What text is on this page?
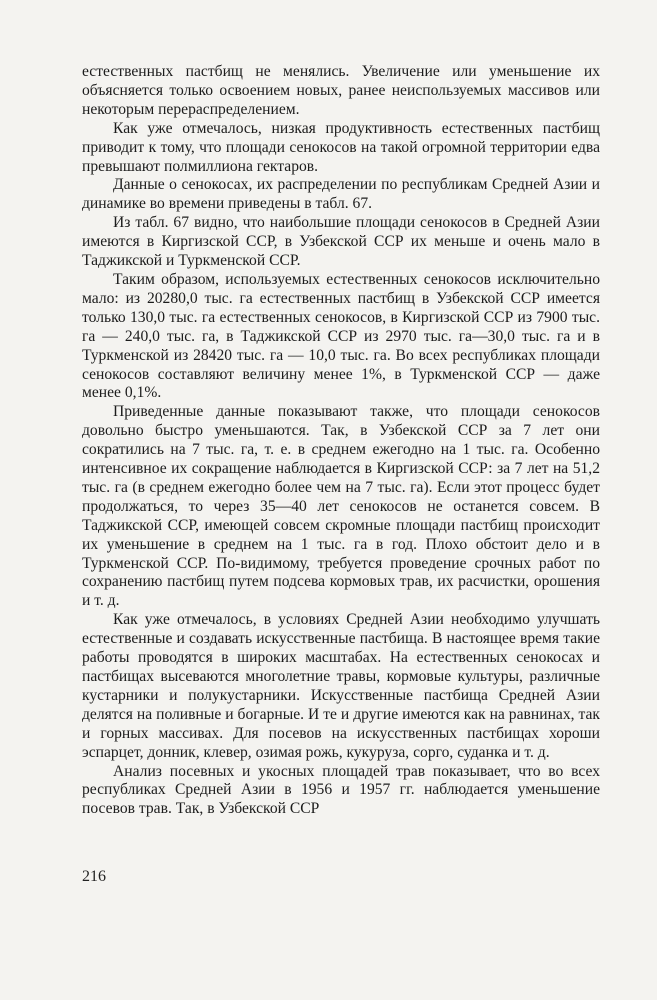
естественных пастбищ не менялись. Увеличение или уменьшение их объясняется только освоением новых, ранее неиспользуемых массивов или некоторым перераспределением.

Как уже отмечалось, низкая продуктивность естественных пастбищ приводит к тому, что площади сенокосов на такой огромной территории едва превышают полмиллиона гектаров.

Данные о сенокосах, их распределении по республикам Средней Азии и динамике во времени приведены в табл. 67.

Из табл. 67 видно, что наибольшие площади сенокосов в Средней Азии имеются в Киргизской ССР, в Узбекской ССР их меньше и очень мало в Таджикской и Туркменской ССР.

Таким образом, используемых естественных сенокосов исключительно мало: из 20280,0 тыс. га естественных пастбищ в Узбекской ССР имеется только 130,0 тыс. га естественных сенокосов, в Киргизской ССР из 7900 тыс. га — 240,0 тыс. га, в Таджикской ССР из 2970 тыс. га—30,0 тыс. га и в Туркменской из 28420 тыс. га — 10,0 тыс. га. Во всех республиках площади сенокосов составляют величину менее 1%, в Туркменской ССР — даже менее 0,1%.

Приведенные данные показывают также, что площади сенокосов довольно быстро уменьшаются. Так, в Узбекской ССР за 7 лет они сократились на 7 тыс. га, т. е. в среднем ежегодно на 1 тыс. га. Особенно интенсивное их сокращение наблюдается в Киргизской ССР: за 7 лет на 51,2 тыс. га (в среднем ежегодно более чем на 7 тыс. га). Если этот процесс будет продолжаться, то через 35—40 лет сенокосов не останется совсем. В Таджикской ССР, имеющей совсем скромные площади пастбищ происходит их уменьшение в среднем на 1 тыс. га в год. Плохо обстоит дело и в Туркменской ССР. По-видимому, требуется проведение срочных работ по сохранению пастбищ путем подсева кормовых трав, их расчистки, орошения и т. д.

Как уже отмечалось, в условиях Средней Азии необходимо улучшать естественные и создавать искусственные пастбища. В настоящее время такие работы проводятся в широких масштабах. На естественных сенокосах и пастбищах высеваются многолетние травы, кормовые культуры, различные кустарники и полукустарники. Искусственные пастбища Средней Азии делятся на поливные и богарные. И те и другие имеются как на равнинах, так и горных массивах. Для посевов на искусственных пастбищах хороши эспарцет, донник, клевер, озимая рожь, кукуруза, сорго, суданка и т. д.

Анализ посевных и укосных площадей трав показывает, что во всех республиках Средней Азии в 1956 и 1957 гг. наблюдается уменьшение посевов трав. Так, в Узбекской ССР

216
